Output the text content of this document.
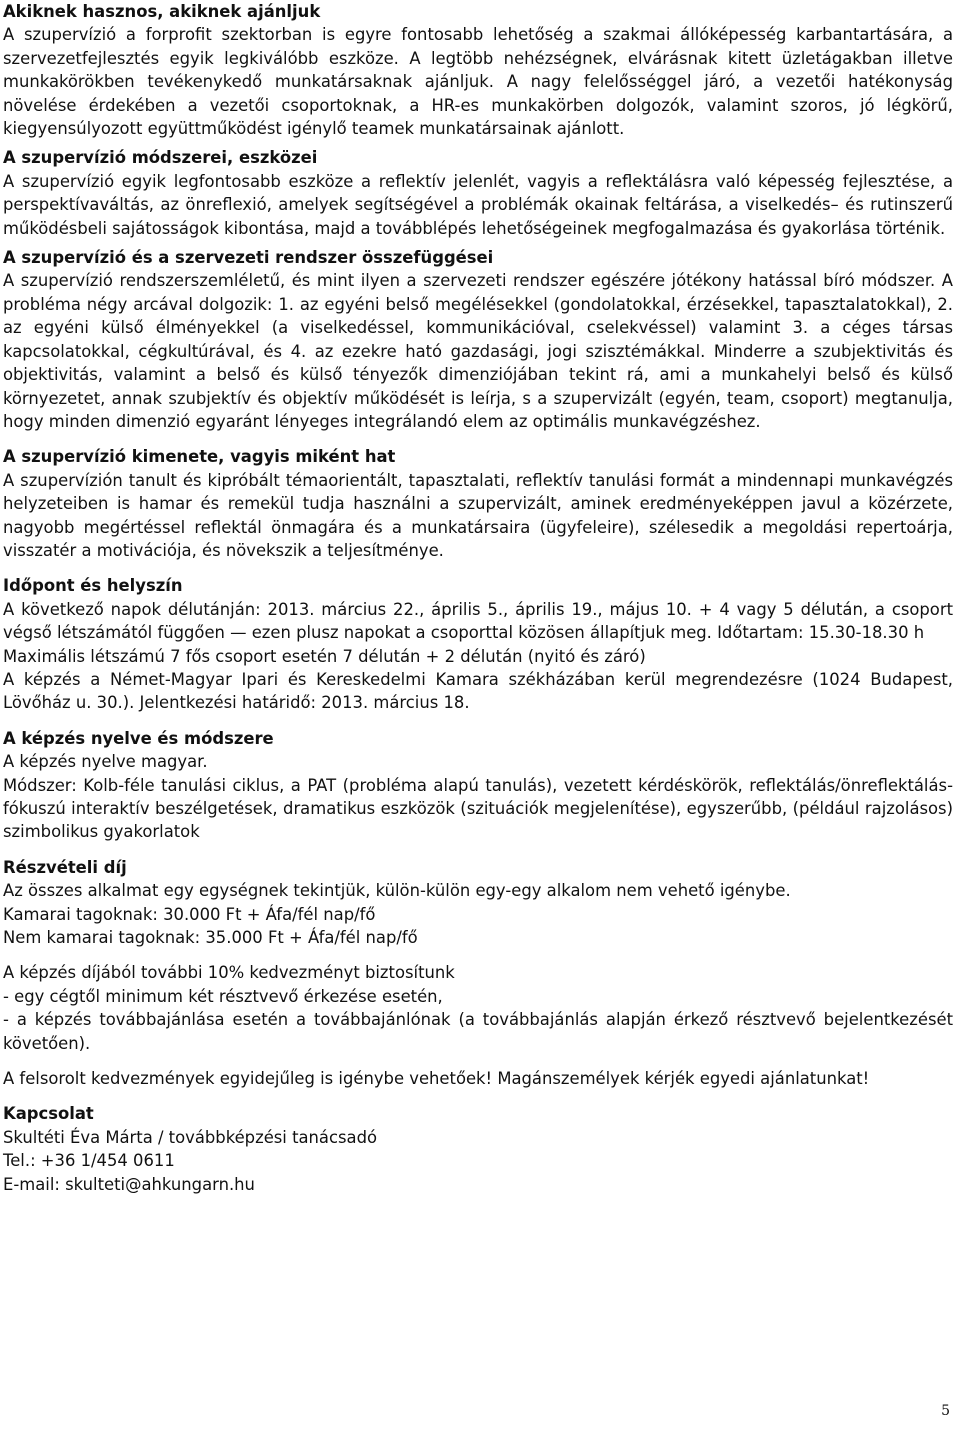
Akiknek hasznos, akiknek ajánljuk

A szupervízió a forprofit szektorban is egyre fontosabb lehetőség a szakmai állóképesség karbantartására, a szervezetfejlesztés egyik legkiválóbb eszköze. A legtöbb nehézségnek, elvárásnak kitett üzletágakban illetve munkakörökben tevékenykedő munkatársaknak ajánljuk. A nagy felelősséggel járó, a vezetői hatékonyság növelése érdekében a vezetői csoportoknak, a HR-es munkakörben dolgozók, valamint szoros, jó légkörű, kiegyensúlyozott együttműködést igénylő teamek munkatársainak ajánlott.

A szupervízió módszerei, eszközei

A szupervízió egyik legfontosabb eszköze a reflektív jelenlét, vagyis a reflektálásra való képesség fejlesztése, a perspektívaváltás, az önreflexió, amelyek segítségével a problémák okainak feltárása, a viselkedés– és rutinszerű működésbeli sajátosságok kibontása, majd a továbblépés lehetőségeinek megfogalmazása és gyakorlása történik.

A szupervízió és a szervezeti rendszer összefüggései

A szupervízió rendszerszemléletű, és mint ilyen a szervezeti rendszer egészére jótékony hatással bíró módszer. A probléma négy arcával dolgozik: 1. az egyéni belső megélésekkel (gondolatokkal, érzésekkel, tapasztalatokkal), 2. az egyéni külső élményekkel (a viselkedéssel, kommunikációval, cselekvéssel) valamint 3. a céges társas kapcsolatokkal, cégkultúrával, és 4. az ezekre ható gazdasági, jogi szisztémákkal. Minderre a szubjektivitás és objektivitás, valamint a belső és külső tényezők dimenziójában tekint rá, ami a munkahelyi belső és külső környezetet, annak szubjektív és objektív működését is leírja, s a szupervizált (egyén, team, csoport) megtanulja, hogy minden dimenzió egyaránt lényeges integrálandó elem az optimális munkavégzéshez.

A szupervízió kimenete, vagyis miként hat

A szupervízión tanult és kipróbált témaorientált, tapasztalati, reflektív tanulási formát a mindennapi munkavégzés helyzeteiben is hamar és remekül tudja használni a szupervizált, aminek eredményeképpen javul a közérzete, nagyobb megértéssel reflektál önmagára és a munkatársaira (ügyfeleire), szélesedik a megoldási repertoárja, visszatér a motivációja, és növekszik a teljesítménye.

Időpont és helyszín

A következő napok délutánján: 2013. március 22., április 5., április 19., május 10. + 4 vagy 5 délután, a csoport végső létszámától függően — ezen plusz napokat a csoporttal közösen állapítjuk meg. Időtartam: 15.30-18.30 h

Maximális létszámú 7 fős csoport esetén 7 délután + 2 délután (nyitó és záró)

A képzés a Német-Magyar Ipari és Kereskedelmi Kamara székházában kerül megrendezésre (1024 Budapest, Lövőház u. 30.). Jelentkezési határidő: 2013. március 18.

A képzés nyelve és módszere

A képzés nyelve magyar.

Módszer: Kolb-féle tanulási ciklus, a PAT (probléma alapú tanulás), vezetett kérdéskörök, reflektálás/önreflektálás-fókuszú interaktív beszélgetések, dramatikus eszközök (szituációk megjelenítése), egyszerűbb, (például rajzolásos) szimbolikus gyakorlatok

Részvételi díj

Az összes alkalmat egy egységnek tekintjük, külön-külön egy-egy alkalom nem vehető igénybe.

Kamarai tagoknak: 30.000 Ft + Áfa/fél nap/fő

Nem kamarai tagoknak: 35.000 Ft + Áfa/fél nap/fő

A képzés díjából további 10% kedvezményt biztosítunk

- egy cégtől minimum két résztvevő érkezése esetén,

- a képzés továbbajánlása esetén a továbbajánlónak (a továbbajánlás alapján érkező résztvevő bejelentkezését követően).

A felsorolt kedvezmények egyidejűleg is igénybe vehetőek! Magánszemélyek kérjék egyedi ajánlatunkat!

Kapcsolat

Skultéti Éva Márta / továbbképzési tanácsadó

Tel.: +36 1/454 0611

E-mail: skulteti@ahkungarn.hu

5
